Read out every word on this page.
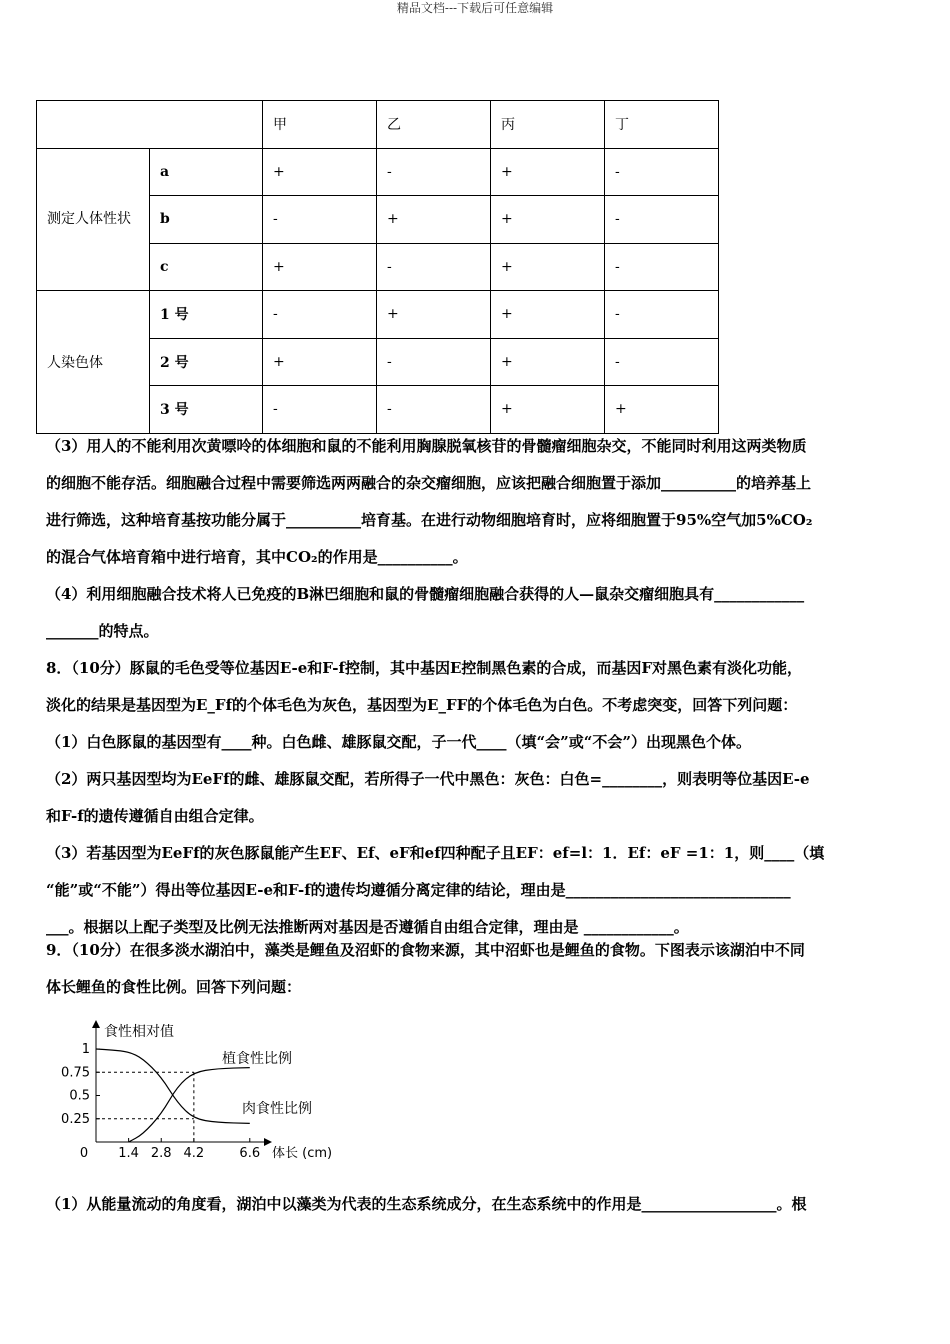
精品文档---下载后可任意编辑
		甲	乙	丙	丁
测定人体性状	a	+	-	+	-
	b	-	+	+	-
	c	+	-	+	-
人染色体	1 号	-	+	+	-
	2 号	+	-	+	-
	3 号	-	-	+	+

（3）用人的不能利用次黄嘌呤的体细胞和鼠的不能利用胸腺脱氧核苷的骨髓瘤细胞杂交，不能同时利用这两类物质

的细胞不能存活。细胞融合过程中需要筛选两两融合的杂交瘤细胞，应该把融合细胞置于添加__________的培养基上

进行筛选，这种培育基按功能分属于__________培育基。在进行动物细胞培育时，应将细胞置于95%空气加5%CO₂

的混合气体培育箱中进行培育，其中CO₂的作用是__________。

（4）利用细胞融合技术将人已免疫的B淋巴细胞和鼠的骨髓瘤细胞融合获得的人—鼠杂交瘤细胞具有____________

_______的特点。

8．（10分）豚鼠的毛色受等位基因E-e和F-f控制，其中基因E控制黑色素的合成，而基因F对黑色素有淡化功能，

淡化的结果是基因型为E_Ff的个体毛色为灰色，基因型为E_FF的个体毛色为白色。不考虑突变，回答下列问题：

（1）白色豚鼠的基因型有____种。白色雌、雄豚鼠交配，子一代____（填“会”或“不会”）出现黑色个体。

（2）两只基因型均为EeFf的雌、雄豚鼠交配，若所得子一代中黑色：灰色：白色=________，则表明等位基因E-e

和F-f的遗传遵循自由组合定律。

（3）若基因型为EeFf的灰色豚鼠能产生EF、Ef、eF和ef四种配子且EF：ef=l：1．Ef：eF =1：1，则____（填

“能”或“不能”）得出等位基因E-e和F-f的遗传均遵循分离定律的结论，理由是______________________________

___。根据以上配子类型及比例无法推断两对基因是否遵循自由组合定律，理由是 ____________。

9．（10分）在很多淡水湖泊中，藻类是鲤鱼及沼虾的食物来源，其中沼虾也是鲤鱼的食物。下图表示该湖泊中不同

体长鲤鱼的食性比例。回答下列问题：

食性相对值
体长 (cm)
0 1.4 2.8 4.2	6.6
1
0.75
0.5
0.25
植食性比例
肉食性比例

（1）从能量流动的角度看，湖泊中以藻类为代表的生态系统成分，在生态系统中的作用是__________________。根
